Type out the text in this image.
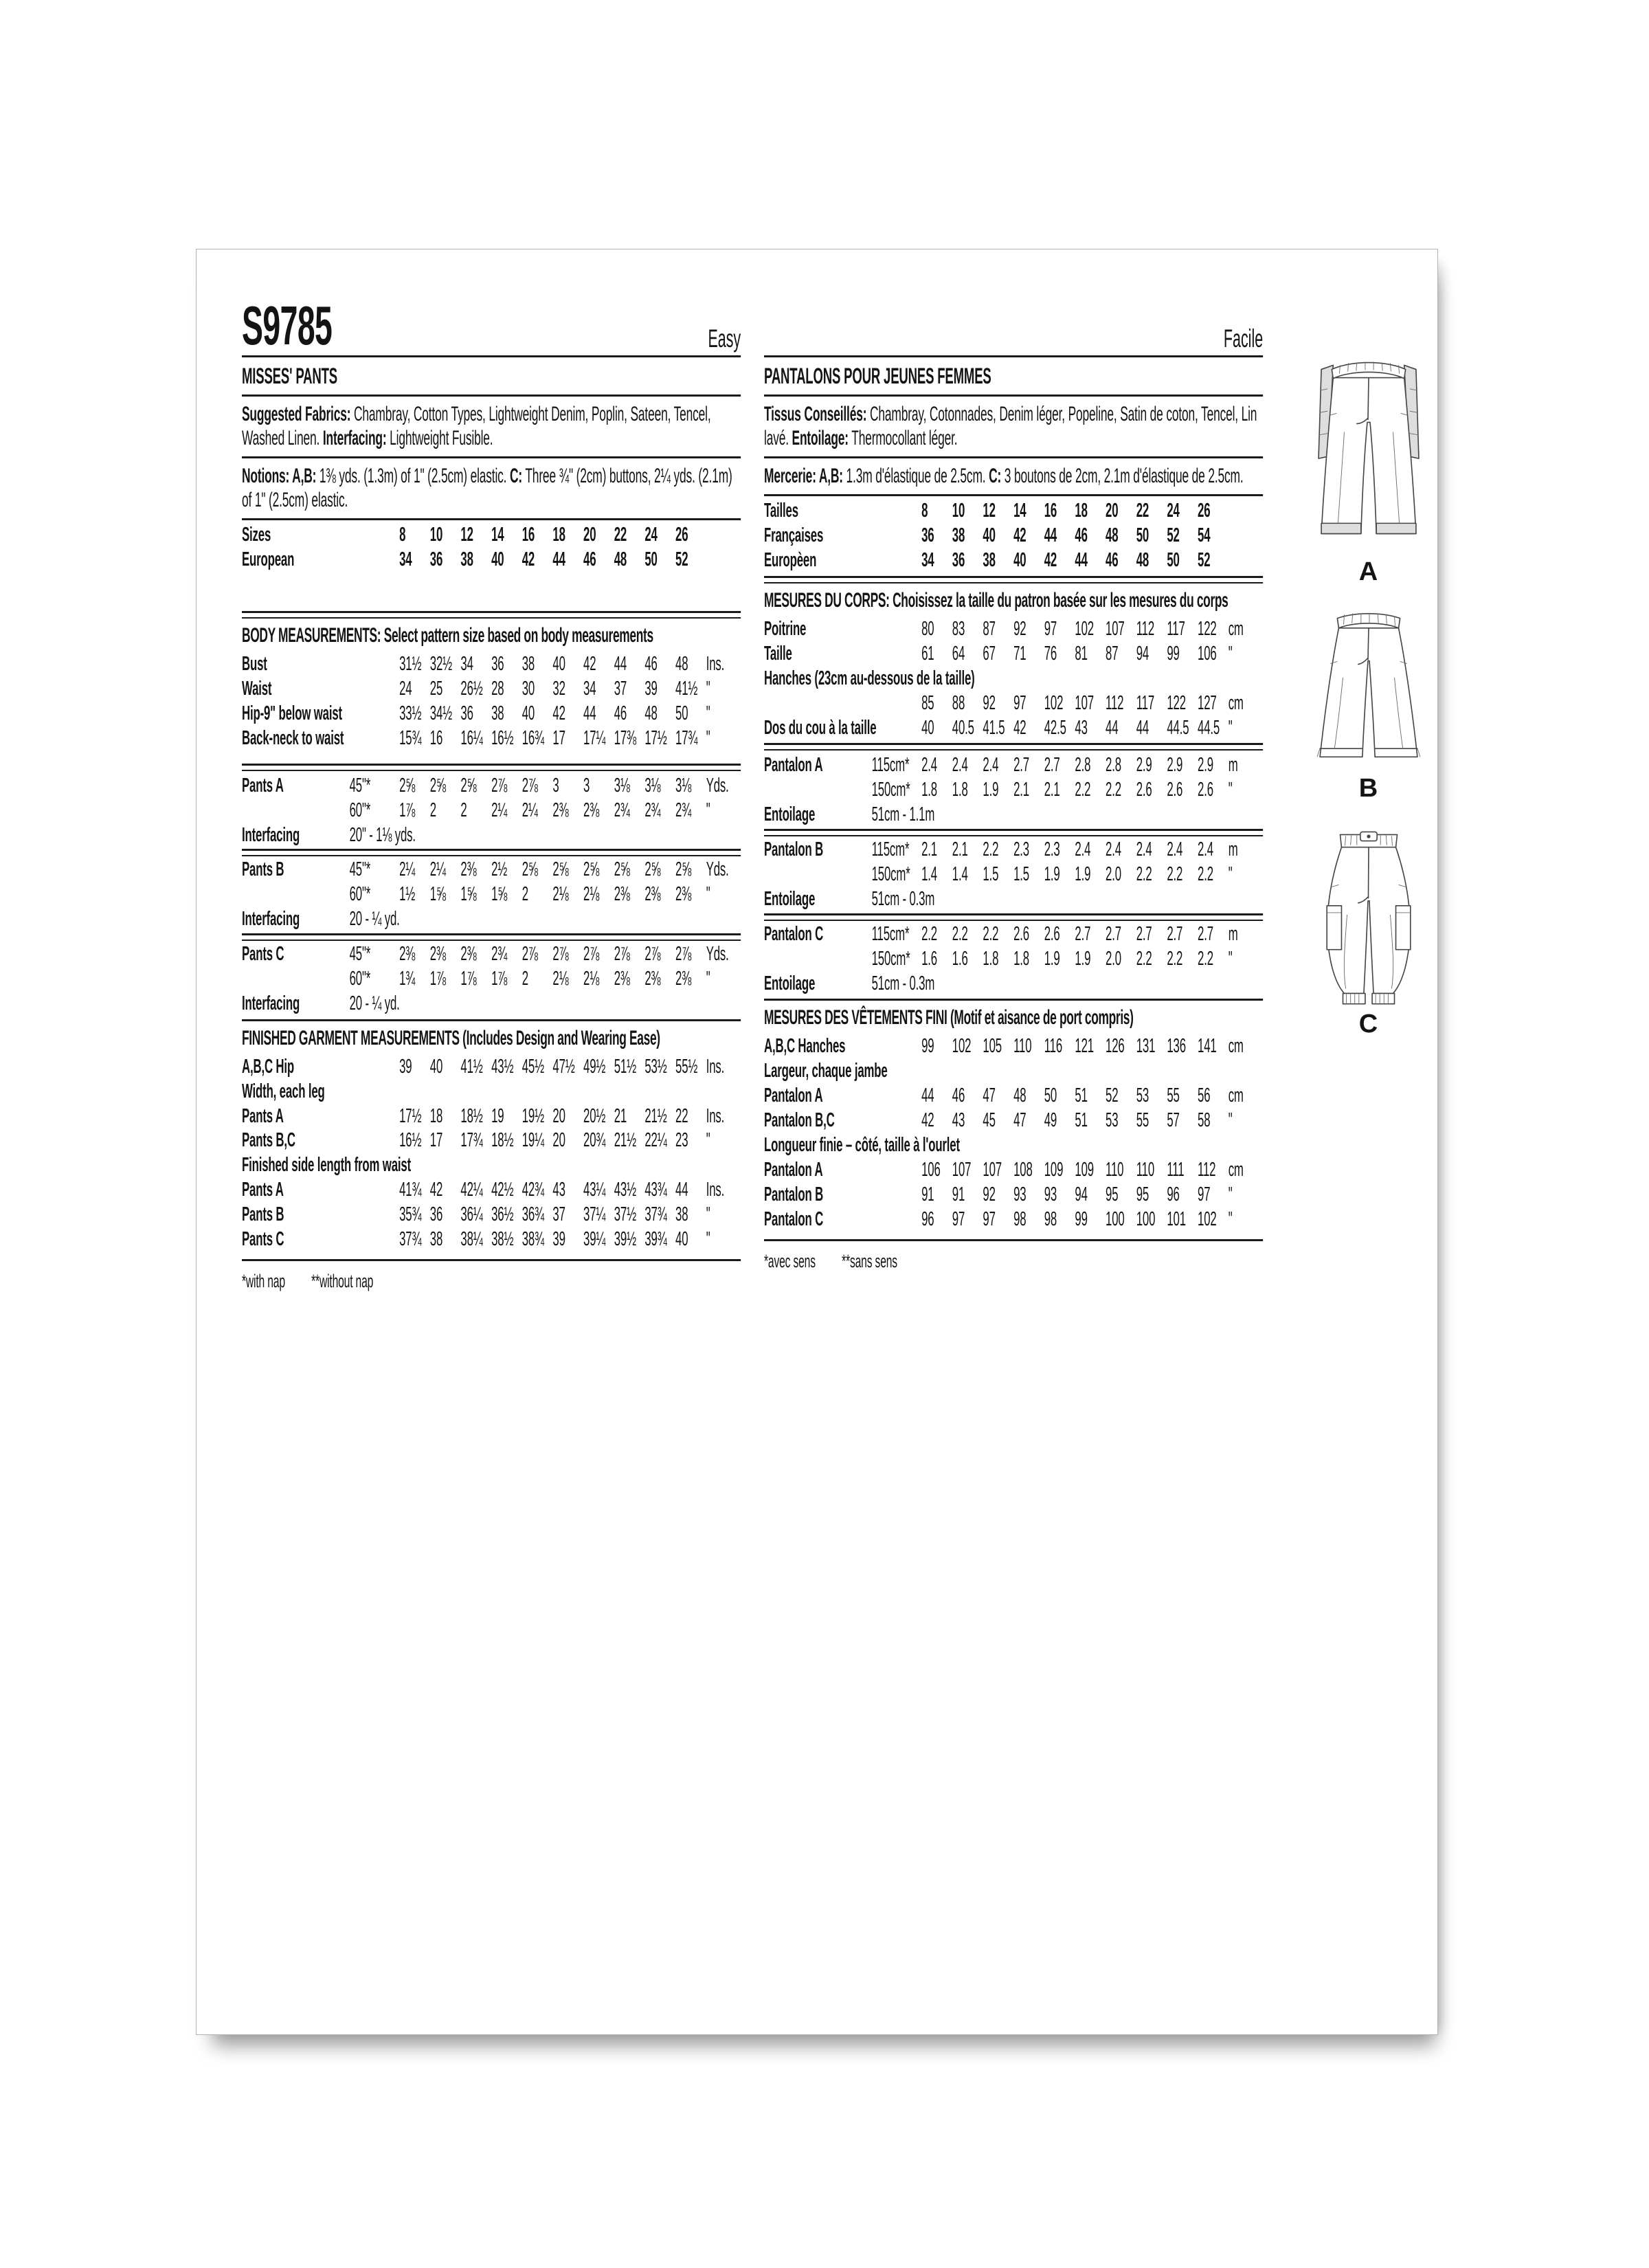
S9785	Easy
MISSES' PANTS

Suggested Fabrics: Chambray, Cotton Types, Lightweight Denim, Poplin, Sateen, Tencel, Washed Linen. Interfacing: Lightweight Fusible.

Notions: A,B: 1⅜ yds. (1.3m) of 1" (2.5cm) elastic. C: Three ¾" (2cm) buttons, 2¼ yds. (2.1m) of 1" (2.5cm) elastic.

Sizes	8	10 12 14 16 18 20 22 24 26
European	34 36 38 40 42 44 46 48 50 52
BODY MEASUREMENTS: Select pattern size based on body measurements
Bust	31½ 32½ 34 36 38 40 42 44 46 48 Ins.
Waist	24 25 26½ 28 30 32 34 37 39 41½ "
Hip-9" below waist	33½ 34½ 36 38 40 42 44 46 48 50 "
Back-neck to waist	15¾ 16 16¼ 16½ 16¾ 17 17¼ 17⅜ 17½ 17¾ "
Pants A	45"*	2⅝ 2⅝ 2⅝ 2⅞ 2⅞ 3	3	3⅛ 3⅛ 3⅛ Yds.
60"*	1⅞ 2	2	2¼ 2¼ 2⅜ 2⅜ 2¾ 2¾ 2¾ "
Interfacing	20" - 1⅛ yds.
Pants B	45"*	2¼ 2¼ 2⅜ 2½ 2⅝ 2⅝ 2⅝ 2⅝ 2⅝ 2⅝ Yds.
60"*	1½ 1⅝ 1⅝ 1⅝ 2	2⅛ 2⅛ 2⅜ 2⅜ 2⅜ "
Interfacing	20 - ¼ yd.
Pants C	45"*	2⅜ 2⅜ 2⅜ 2¾ 2⅞ 2⅞ 2⅞ 2⅞ 2⅞ 2⅞ Yds.
60"*	1¾ 1⅞ 1⅞ 1⅞ 2	2⅛ 2⅛ 2⅜ 2⅜ 2⅜ "
Interfacing	20 - ¼ yd.
FINISHED GARMENT MEASUREMENTS (Includes Design and Wearing Ease)
A,B,C Hip	39 40 41½ 43½ 45½ 47½ 49½ 51½ 53½ 55½ Ins.
Width, each leg
Pants A	17½ 18 18½ 19 19½ 20 20½ 21 21½ 22 Ins.
Pants B,C	16½ 17 17¾ 18½ 19¼ 20 20¾ 21½ 22¼ 23 "
Finished side length from waist
Pants A	41¾ 42 42¼ 42½ 42¾ 43 43¼ 43½ 43¾ 44 Ins.
Pants B	35¾ 36 36¼ 36½ 36¾ 37 37¼ 37½ 37¾ 38 "
Pants C	37¾ 38 38¼ 38½ 38¾ 39 39¼ 39½ 39¾ 40 "
*with nap **without nap
Facile
PANTALONS POUR JEUNES FEMMES

Tissus Conseillés: Chambray, Cotonnades, Denim léger, Popeline, Satin de coton, Tencel, Lin lavé. Entoilage: Thermocollant léger.

Mercerie: A,B: 1.3m d'élastique de 2.5cm. C: 3 boutons de 2cm, 2.1m d'élastique de 2.5cm.

Tailles	8	10 12 14 16 18 20 22 24 26
Françaises	36 38 40 42 44 46 48 50 52 54
Europèen	34 36 38 40 42 44 46 48 50 52
MESURES DU CORPS: Choisissez la taille du patron basée sur les mesures du corps
Poitrine	80 83 87 92 97 102 107 112 117 122 cm
Taille	61 64 67 71 76 81 87 94 99 106 "
Hanches (23cm au-dessous de la taille)
85 88 92 97 102 107 112 117 122 127 cm
Dos du cou à la taille	40 40.5 41.5 42 42.5 43 44 44 44.5 44.5 "
Pantalon A	115cm* 2.4 2.4 2.4 2.7 2.7 2.8 2.8 2.9 2.9 2.9 m
150cm* 1.8 1.8 1.9 2.1 2.1 2.2 2.2 2.6 2.6 2.6 "
Entoilage	51cm - 1.1m
Pantalon B	115cm* 2.1 2.1 2.2 2.3 2.3 2.4 2.4 2.4 2.4 2.4 m
150cm* 1.4 1.4 1.5 1.5 1.9 1.9 2.0 2.2 2.2 2.2 "
Entoilage	51cm - 0.3m
Pantalon C	115cm* 2.2 2.2 2.2 2.6 2.6 2.7 2.7 2.7 2.7 2.7 m
150cm* 1.6 1.6 1.8 1.8 1.9 1.9 2.0 2.2 2.2 2.2 "
Entoilage	51cm - 0.3m
MESURES DES VÊTEMENTS FINI (Motif et aisance de port compris)
A,B,C Hanches	99 102 105 110 116 121 126 131 136 141 cm
Largeur, chaque jambe
Pantalon A	44 46 47 48 50 51 52 53 55 56 cm
Pantalon B,C	42 43 45 47 49 51 53 55 57 58 "
Longueur finie – côté, taille à l'ourlet
Pantalon A	106 107 107 108 109 109 110 110 111 112 cm
Pantalon B	91 91 92 93 93 94 95 95 96 97 "
Pantalon C	96 97 97 98 98 99 100 100 101 102 "
*avec sens **sans sens
A
B
C
